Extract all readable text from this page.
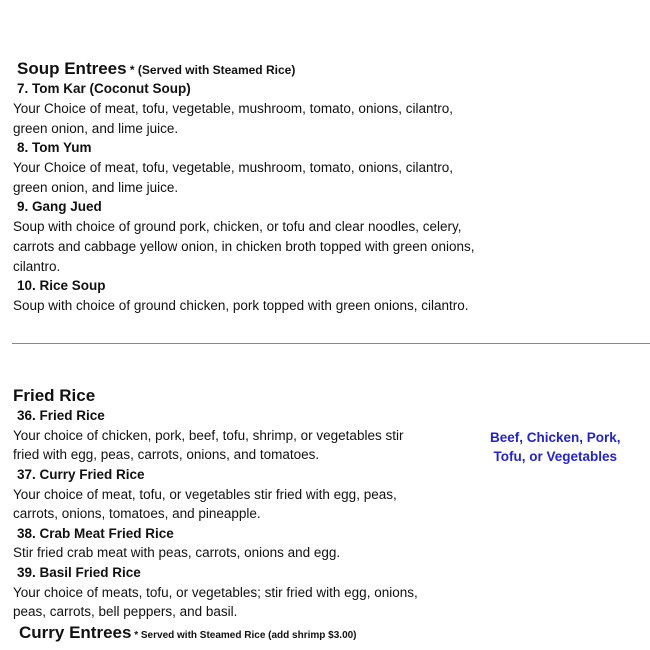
Soup Entrees * (Served with Steamed Rice)
7. Tom Kar (Coconut Soup)
Your Choice of meat, tofu, vegetable, mushroom, tomato, onions, cilantro,
green onion, and lime juice.
8. Tom Yum
Your Choice of meat, tofu, vegetable, mushroom, tomato, onions, cilantro,
green onion, and lime juice.
9. Gang Jued
Soup with choice of ground pork, chicken, or tofu and clear noodles, celery,
carrots and cabbage yellow onion, in chicken broth topped with green onions,
cilantro.
10. Rice Soup
Soup with choice of ground chicken, pork topped with green onions, cilantro.
Fried Rice
36. Fried Rice
Your choice of chicken, pork, beef, tofu, shrimp, or vegetables stir
fried with egg, peas, carrots, onions, and tomatoes.
Beef, Chicken, Pork,
Tofu, or Vegetables
37. Curry Fried Rice
Your choice of meat, tofu, or vegetables stir fried with egg, peas,
carrots, onions, tomatoes, and pineapple.
38. Crab Meat Fried Rice
Stir fried crab meat with peas, carrots, onions and egg.
39. Basil Fried Rice
Your choice of meats, tofu, or vegetables; stir fried with egg, onions,
peas, carrots, bell peppers, and basil.
Curry Entrees * Served with Steamed Rice (add shrimp $3.00)
